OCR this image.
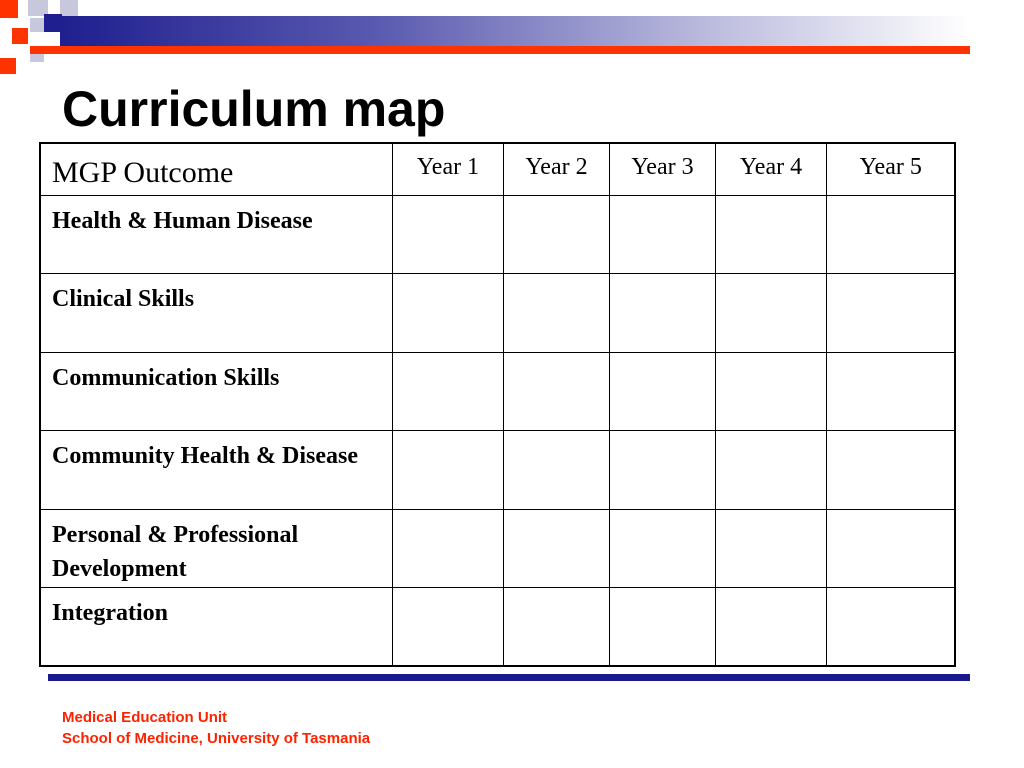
Curriculum map
MGP Outcome	Year 1	Year 2	Year 3	Year 4	Year 5
Health & Human Disease					
Clinical Skills					
Communication Skills					
Community Health & Disease					
Personal & Professional Development					
Integration					
Medical Education Unit
School of Medicine, University of Tasmania
